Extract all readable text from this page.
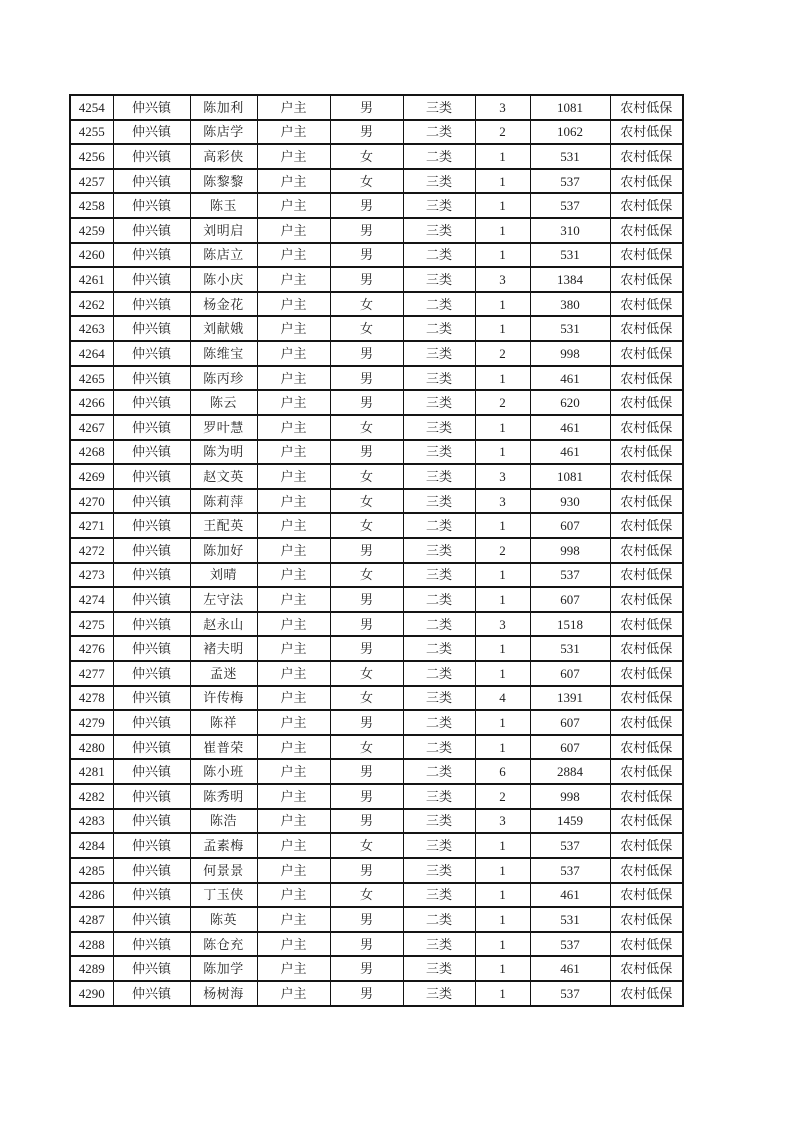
4254	仲兴镇	陈加利	户主	男	三类	3	1081	农村低保
4255	仲兴镇	陈店学	户主	男	二类	2	1062	农村低保
4256	仲兴镇	高彩侠	户主	女	二类	1	531	农村低保
4257	仲兴镇	陈黎黎	户主	女	三类	1	537	农村低保
4258	仲兴镇	陈玉	户主	男	三类	1	537	农村低保
4259	仲兴镇	刘明启	户主	男	三类	1	310	农村低保
4260	仲兴镇	陈店立	户主	男	二类	1	531	农村低保
4261	仲兴镇	陈小庆	户主	男	三类	3	1384	农村低保
4262	仲兴镇	杨金花	户主	女	二类	1	380	农村低保
4263	仲兴镇	刘献娥	户主	女	二类	1	531	农村低保
4264	仲兴镇	陈维宝	户主	男	三类	2	998	农村低保
4265	仲兴镇	陈丙珍	户主	男	三类	1	461	农村低保
4266	仲兴镇	陈云	户主	男	三类	2	620	农村低保
4267	仲兴镇	罗叶慧	户主	女	三类	1	461	农村低保
4268	仲兴镇	陈为明	户主	男	三类	1	461	农村低保
4269	仲兴镇	赵文英	户主	女	三类	3	1081	农村低保
4270	仲兴镇	陈莉萍	户主	女	三类	3	930	农村低保
4271	仲兴镇	王配英	户主	女	二类	1	607	农村低保
4272	仲兴镇	陈加好	户主	男	三类	2	998	农村低保
4273	仲兴镇	刘晴	户主	女	三类	1	537	农村低保
4274	仲兴镇	左守法	户主	男	二类	1	607	农村低保
4275	仲兴镇	赵永山	户主	男	二类	3	1518	农村低保
4276	仲兴镇	褚夫明	户主	男	二类	1	531	农村低保
4277	仲兴镇	孟迷	户主	女	二类	1	607	农村低保
4278	仲兴镇	许传梅	户主	女	三类	4	1391	农村低保
4279	仲兴镇	陈祥	户主	男	二类	1	607	农村低保
4280	仲兴镇	崔普荣	户主	女	二类	1	607	农村低保
4281	仲兴镇	陈小班	户主	男	二类	6	2884	农村低保
4282	仲兴镇	陈秀明	户主	男	三类	2	998	农村低保
4283	仲兴镇	陈浩	户主	男	三类	3	1459	农村低保
4284	仲兴镇	孟素梅	户主	女	三类	1	537	农村低保
4285	仲兴镇	何景景	户主	男	三类	1	537	农村低保
4286	仲兴镇	丁玉侠	户主	女	三类	1	461	农村低保
4287	仲兴镇	陈英	户主	男	二类	1	531	农村低保
4288	仲兴镇	陈仓充	户主	男	三类	1	537	农村低保
4289	仲兴镇	陈加学	户主	男	三类	1	461	农村低保
4290	仲兴镇	杨树海	户主	男	三类	1	537	农村低保
